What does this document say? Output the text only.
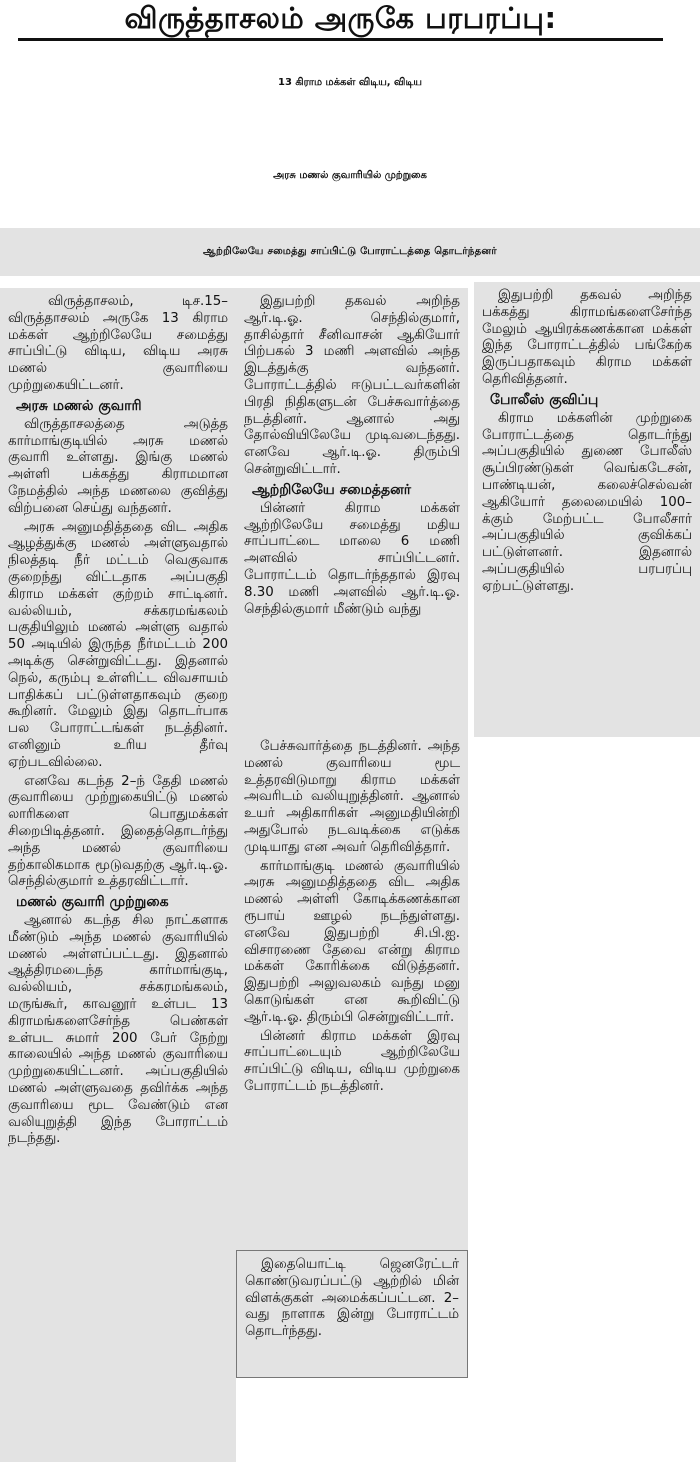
விருத்தாசலம் அருகே பரபரப்பு:
13 கிராம மக்கள் விடிய, விடிய
அரசு மணல் குவாரியில் முற்றுகை
ஆற்றிலேயே சமைத்து சாப்பிட்டு போராட்டத்தை தொடர்ந்தனர்

விருத்தாசலம், டிச.15– விருத்தாசலம் அருகே 13 கிராம மக்கள் ஆற்றிலேயே சமைத்து சாப்பிட்டு விடிய, விடிய அரசு மணல் குவாரியை முற்றுகையிட்டனர்.

அரசு மணல் குவாரி

விருத்தாசலத்தை அடுத்த கார்மாங்குடியில் அரசு மணல் குவாரி உள்ளது. இங்கு மணல் அள்ளி பக்கத்து கிராமமான நேமத்தில் அந்த மணலை குவித்து விற்பனை செய்து வந்தனர்.

அரசு அனுமதித்ததை விட அதிக ஆழத்துக்கு மணல் அள்ளுவதால் நிலத்தடி நீர் மட்டம் வெகுவாக குறைந்து விட்டதாக அப்பகுதி கிராம மக்கள் குற்றம் சாட்டினர். வல்லியம், சக்கரமங்கலம் பகுதியிலும் மணல் அள்ளு வதால் 50 அடியில் இருந்த நீர்மட்டம் 200 அடிக்கு சென்றுவிட்டது. இதனால் நெல், கரும்பு உள்ளிட்ட விவசாயம் பாதிக்கப் பட்டுள்ளதாகவும் குறை கூறினர். மேலும் இது தொடர்பாக பல போராட்டங்கள் நடத்தினர். எனினும் உரிய தீர்வு ஏற்படவில்லை.

எனவே கடந்த 2–ந் தேதி மணல் குவாரியை முற்றுகையிட்டு மணல் லாரிகளை பொதுமக்கள் சிறைபிடித்தனர். இதைத்தொடர்ந்து அந்த மணல் குவாரியை தற்காலிகமாக மூடுவதற்கு ஆர்.டி.ஓ. செந்தில்குமார் உத்தரவிட்டார்.

மணல் குவாரி முற்றுகை

ஆனால் கடந்த சில நாட்களாக மீண்டும் அந்த மணல் குவாரியில் மணல் அள்ளப்பட்டது. இதனால் ஆத்திரமடைந்த கார்மாங்குடி, வல்லியம், சக்கரமங்கலம், மருங்கூர், காவனூர் உள்பட 13 கிராமங்களைசேர்ந்த பெண்கள் உள்பட சுமார் 200 பேர் நேற்று காலையில் அந்த மணல் குவாரியை முற்றுகையிட்டனர். அப்பகுதியில் மணல் அள்ளுவதை தவிர்க்க அந்த குவாரியை மூட வேண்டும் என வலியுறுத்தி இந்த போராட்டம் நடந்தது.

இதுபற்றி தகவல் அறிந்த ஆர்.டி.ஓ. செந்தில்குமார், தாசில்தார் சீனிவாசன் ஆகியோர் பிற்பகல் 3 மணி அளவில் அந்த இடத்துக்கு வந்தனர். போராட்டத்தில் ஈடுபட்டவர்களின் பிரதி நிதிகளுடன் பேச்சுவார்த்தை நடத்தினர். ஆனால் அது தோல்வியிலேயே முடிவடைந்தது. எனவே ஆர்.டி.ஓ. திரும்பி சென்றுவிட்டார்.

ஆற்றிலேயே சமைத்தனர்

பின்னர் கிராம மக்கள் ஆற்றிலேயே சமைத்து மதிய சாப்பாட்டை மாலை 6 மணி அளவில் சாப்பிட்டனர். போராட்டம் தொடர்ந்ததால் இரவு 8.30 மணி அளவில் ஆர்.டி.ஓ. செந்தில்குமார் மீண்டும் வந்து

பேச்சுவார்த்தை நடத்தினர். அந்த மணல் குவாரியை மூட உத்தரவிடுமாறு கிராம மக்கள் அவரிடம் வலியுறுத்தினர். ஆனால் உயர் அதிகாரிகள் அனுமதியின்றி அதுபோல் நடவடிக்கை எடுக்க முடியாது என அவர் தெரிவித்தார்.

கார்மாங்குடி மணல் குவாரியில் அரசு அனுமதித்ததை விட அதிக மணல் அள்ளி கோடிக்கணக்கான ரூபாய் ஊழல் நடந்துள்ளது. எனவே இதுபற்றி சி.பி.ஐ. விசாரணை தேவை என்று கிராம மக்கள் கோரிக்கை விடுத்தனர். இதுபற்றி அலுவலகம் வந்து மனு கொடுங்கள் என கூறிவிட்டு ஆர்.டி.ஓ. திரும்பி சென்றுவிட்டார்.

பின்னர் கிராம மக்கள் இரவு சாப்பாட்டையும் ஆற்றிலேயே சாப்பிட்டு விடிய, விடிய முற்றுகை போராட்டம் நடத்தினர்.

இதையொட்டி ஜெனரேட்டர் கொண்டுவரப்பட்டு ஆற்றில் மின் விளக்குகள் அமைக்கப்பட்டன. 2–வது நாளாக இன்று போராட்டம் தொடர்ந்தது.

இதுபற்றி தகவல் அறிந்த பக்கத்து கிராமங்களைசேர்ந்த மேலும் ஆயிரக்கணக்கான மக்கள் இந்த போராட்டத்தில் பங்கேற்க இருப்பதாகவும் கிராம மக்கள் தெரிவித்தனர்.

போலீஸ் குவிப்பு

கிராம மக்களின் முற்றுகை போராட்டத்தை தொடர்ந்து அப்பகுதியில் துணை போலீஸ் சூப்பிரண்டுகள் வெங்கடேசன், பாண்டியன், கலைச்செல்வன் ஆகியோர் தலைமையில் 100–க்கும் மேற்பட்ட போலீசார் அப்பகுதியில் குவிக்கப் பட்டுள்ளனர். இதனால் அப்பகுதியில் பரபரப்பு ஏற்பட்டுள்ளது.
